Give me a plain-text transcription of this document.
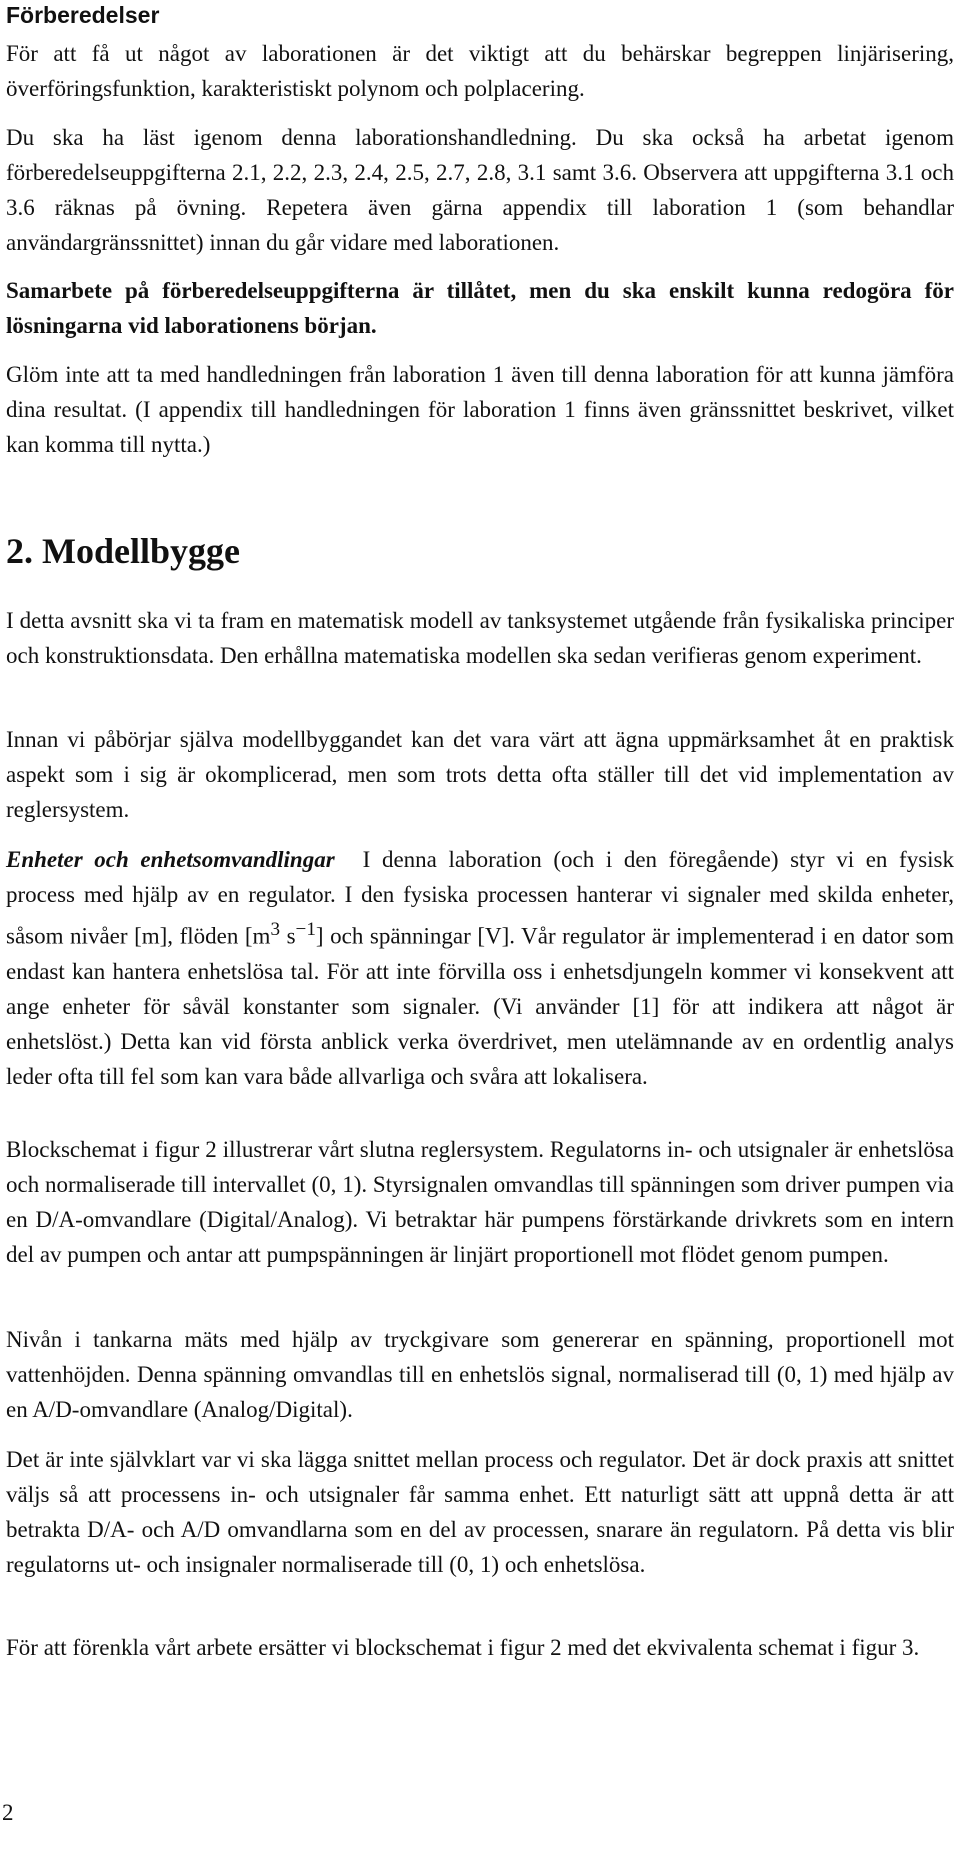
Förberedelser

För att få ut något av laborationen är det viktigt att du behärskar begreppen linjärisering, överföringsfunktion, karakteristiskt polynom och polplacering.

Du ska ha läst igenom denna laborationshandledning. Du ska också ha arbetat igenom förberedelseuppgifterna 2.1, 2.2, 2.3, 2.4, 2.5, 2.7, 2.8, 3.1 samt 3.6. Observera att uppgifterna 3.1 och 3.6 räknas på övning. Repetera även gärna appendix till laboration 1 (som behandlar användargränssnittet) innan du går vidare med laborationen.

Samarbete på förberedelseuppgifterna är tillåtet, men du ska enskilt kunna redogöra för lösningarna vid laborationens början.

Glöm inte att ta med handledningen från laboration 1 även till denna laboration för att kunna jämföra dina resultat. (I appendix till handledningen för laboration 1 finns även gränssnittet beskrivet, vilket kan komma till nytta.)

2. Modellbygge

I detta avsnitt ska vi ta fram en matematisk modell av tanksystemet utgående från fysikaliska principer och konstruktionsdata. Den erhållna matematiska modellen ska sedan verifieras genom experiment.

Innan vi påbörjar själva modellbyggandet kan det vara värt att ägna uppmärksamhet åt en praktisk aspekt som i sig är okomplicerad, men som trots detta ofta ställer till det vid implementation av reglersystem.

Enheter och enhetsomvandlingar I denna laboration (och i den föregående) styr vi en fysisk process med hjälp av en regulator. I den fysiska processen hanterar vi signaler med skilda enheter, såsom nivåer [m], flöden [$m^3$ $s^{-1}$] och spänningar [V]. Vår regulator är implementerad i en dator som endast kan hantera enhetslösa tal. För att inte förvilla oss i enhetsdjungeln kommer vi konsekvent att ange enheter för såväl konstanter som signaler. (Vi använder [1] för att indikera att något är enhetslöst.) Detta kan vid första anblick verka överdrivet, men utelämnande av en ordentlig analys leder ofta till fel som kan vara både allvarliga och svåra att lokalisera.

Blockschemat i figur 2 illustrerar vårt slutna reglersystem. Regulatorns in- och utsignaler är enhetslösa och normaliserade till intervallet (0, 1). Styrsignalen omvandlas till spänningen som driver pumpen via en D/A-omvandlare (Digital/Analog). Vi betraktar här pumpens förstärkande drivkrets som en intern del av pumpen och antar att pumpspänningen är linjärt proportionell mot flödet genom pumpen.

Nivån i tankarna mäts med hjälp av tryckgivare som genererar en spänning, proportionell mot vattenhöjden. Denna spänning omvandlas till en enhetslös signal, normaliserad till (0, 1) med hjälp av en A/D-omvandlare (Analog/Digital).

Det är inte självklart var vi ska lägga snittet mellan process och regulator. Det är dock praxis att snittet väljs så att processens in- och utsignaler får samma enhet. Ett naturligt sätt att uppnå detta är att betrakta D/A- och A/D omvandlarna som en del av processen, snarare än regulatorn. På detta vis blir regulatorns ut- och insignaler normaliserade till (0, 1) och enhetslösa.

För att förenkla vårt arbete ersätter vi blockschemat i figur 2 med det ekvivalenta schemat i figur 3.

2
